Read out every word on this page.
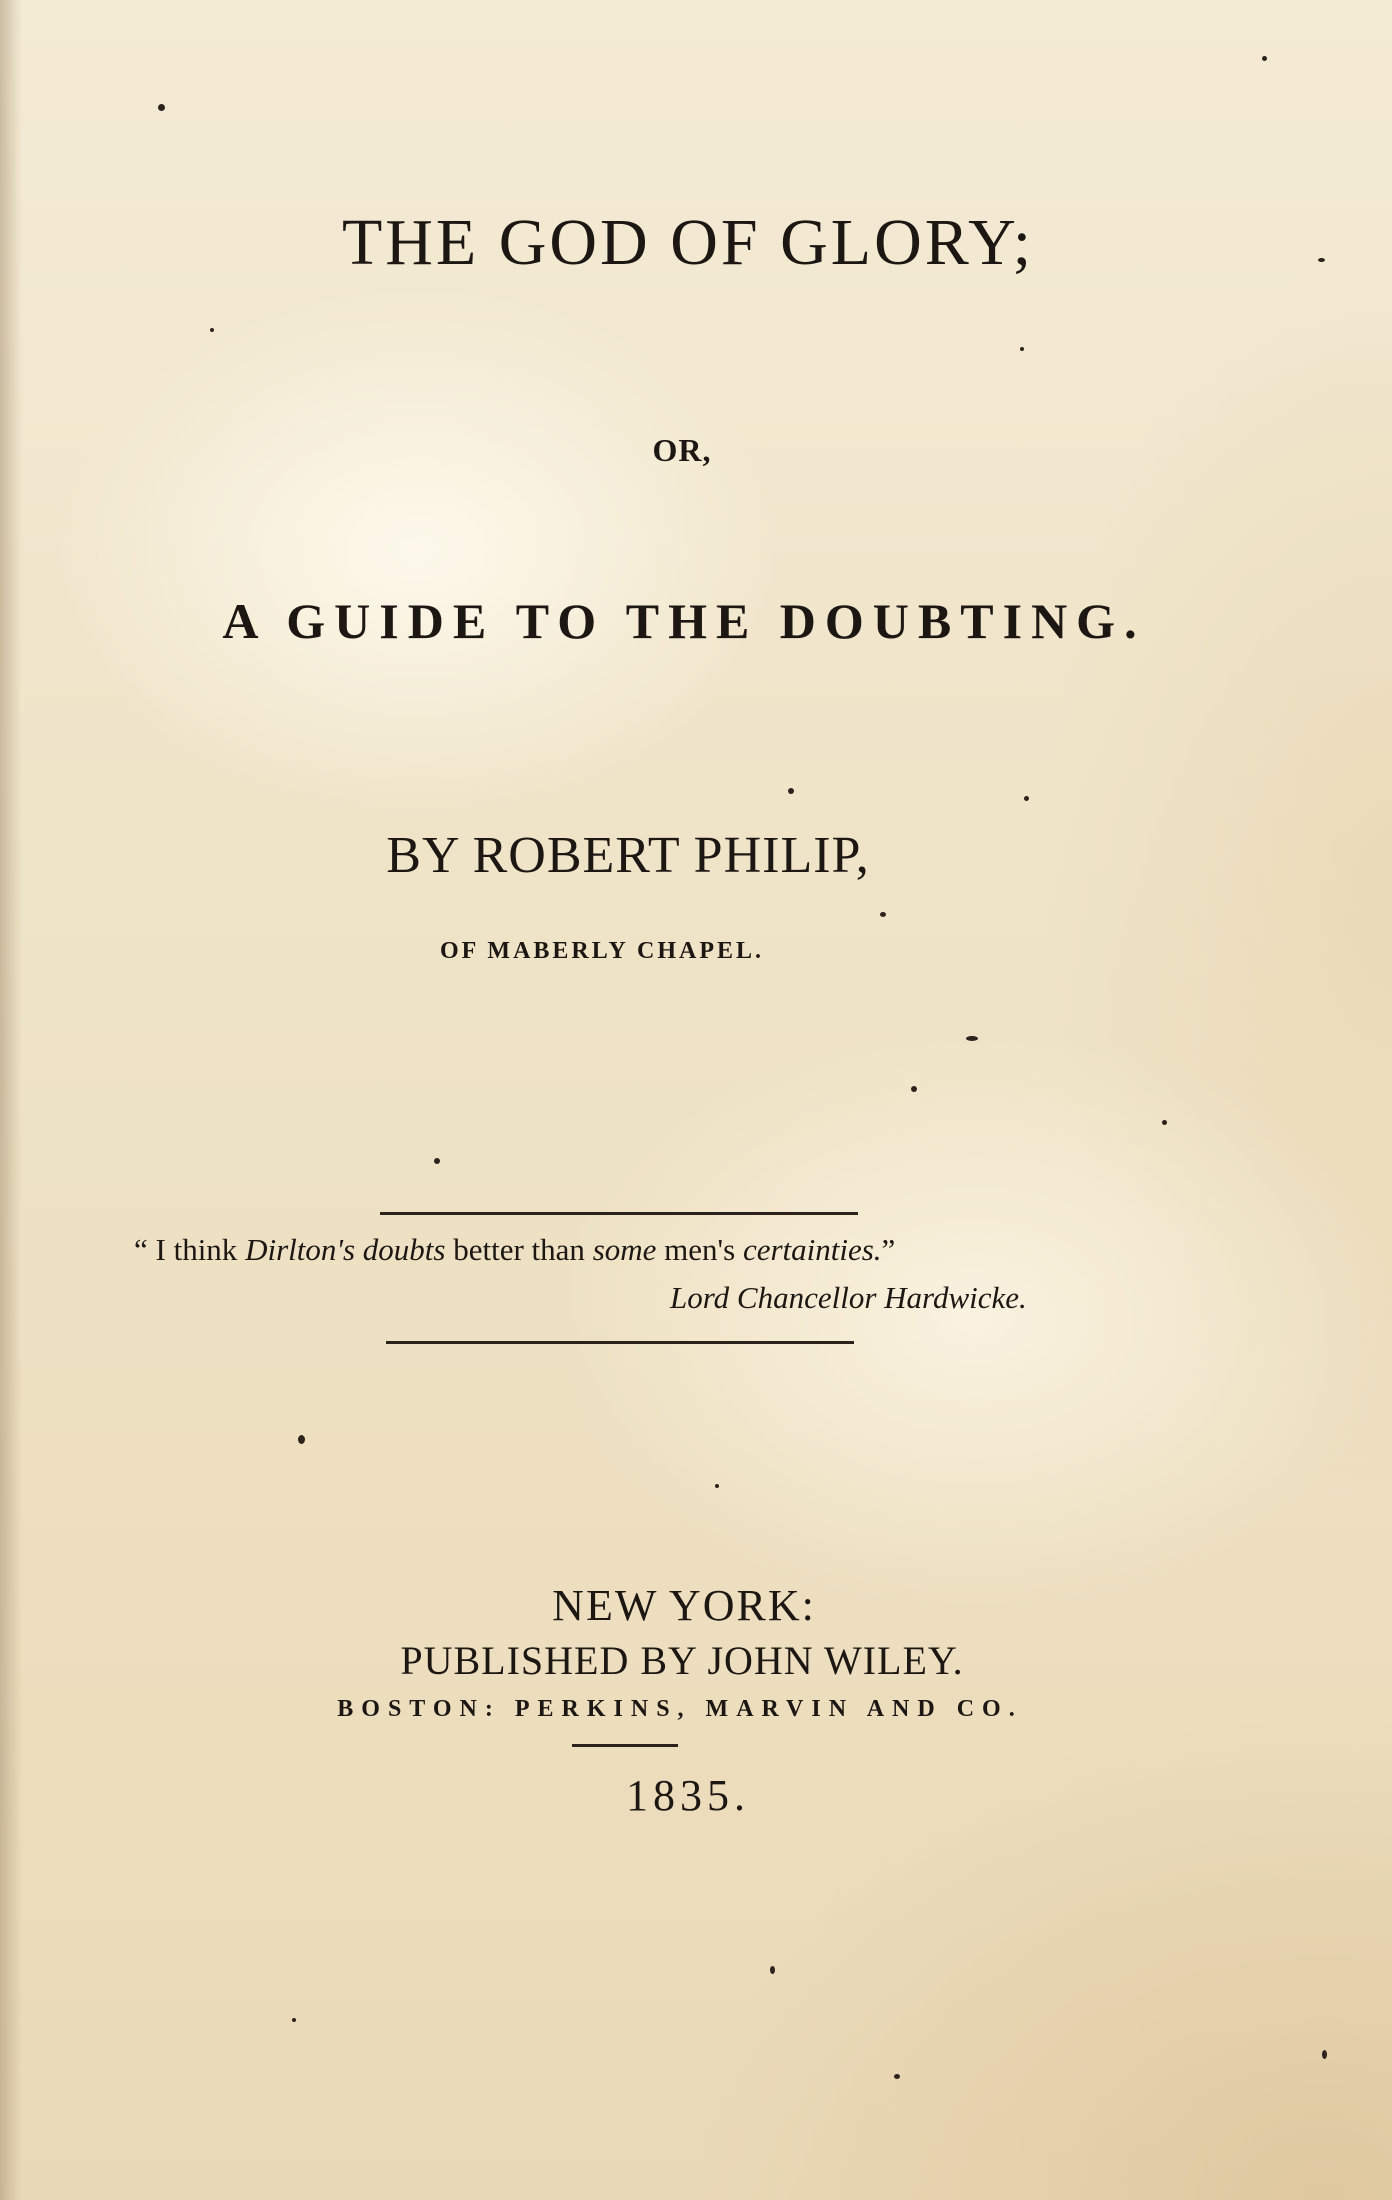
THE GOD OF GLORY;
OR,
A GUIDE TO THE DOUBTING.
BY ROBERT PHILIP,
OF MABERLY CHAPEL.
“ I think Dirlton's doubts better than some men's certainties.”
Lord Chancellor Hardwicke.
NEW YORK:
PUBLISHED BY JOHN WILEY.
BOSTON: PERKINS, MARVIN AND CO.
1835.
